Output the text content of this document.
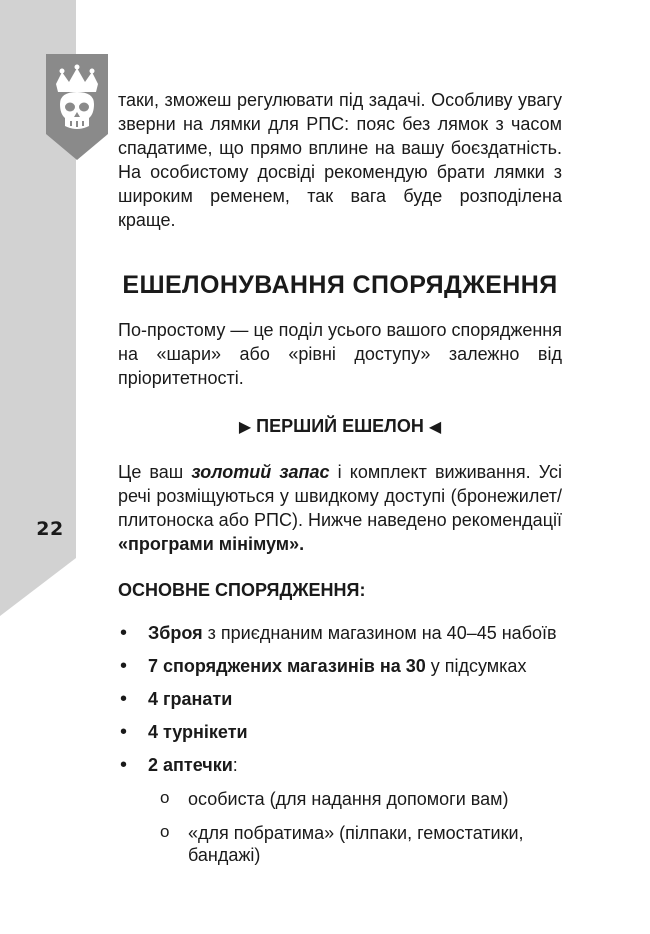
22

таки, зможеш регулювати під задачі. Особливу увагу зверни на лямки для РПС: пояс без лямок з часом спадатиме, що прямо вплине на вашу боєздатність. На особистому досвіді рекомендую брати лямки з широким ременем, так вага буде розподілена краще.

ЕШЕЛОНУВАННЯ СПОРЯДЖЕННЯ

По-простому — це поділ усього вашого спорядження на «шари» або «рівні доступу» залежно від пріоритетності.

▶ ПЕРШИЙ ЕШЕЛОН ◀

Це ваш золотий запас і комплект виживання. Усі речі розміщуються у швидкому доступі (бронежилет/плитоноска або РПС). Нижче наведено рекомендації «програми мінімум».

ОСНОВНЕ СПОРЯДЖЕННЯ:
• Зброя з приєднаним магазином на 40–45 набоїв
• 7 споряджених магазинів на 30 у підсумках
• 4 гранати
• 4 турнікети
• 2 аптечки:
o особиста (для надання допомоги вам)
o «для побратима» (пілпаки, гемостатики, бандажі)
